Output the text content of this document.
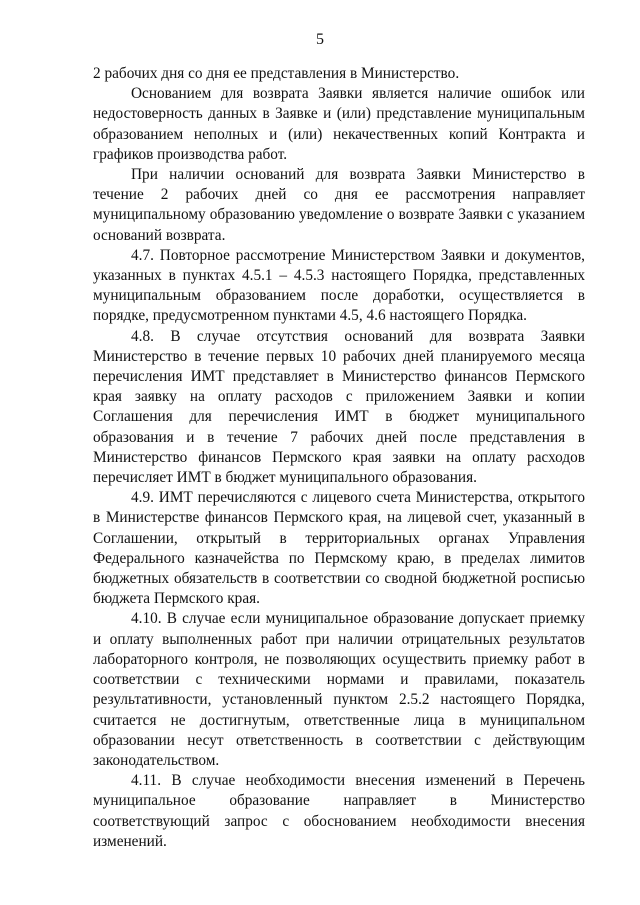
5

2 рабочих дня со дня ее представления в Министерство.

Основанием для возврата Заявки является наличие ошибок или недостоверность данных в Заявке и (или) представление муниципальным образованием неполных и (или) некачественных копий Контракта и графиков производства работ.

При наличии оснований для возврата Заявки Министерство в течение 2 рабочих дней со дня ее рассмотрения направляет муниципальному образованию уведомление о возврате Заявки с указанием оснований возврата.

4.7. Повторное рассмотрение Министерством Заявки и документов, указанных в пунктах 4.5.1 – 4.5.3 настоящего Порядка, представленных муниципальным образованием после доработки, осуществляется в порядке, предусмотренном пунктами 4.5, 4.6 настоящего Порядка.

4.8. В случае отсутствия оснований для возврата Заявки Министерство в течение первых 10 рабочих дней планируемого месяца перечисления ИМТ представляет в Министерство финансов Пермского края заявку на оплату расходов с приложением Заявки и копии Соглашения для перечисления ИМТ в бюджет муниципального образования и в течение 7 рабочих дней после представления в Министерство финансов Пермского края заявки на оплату расходов перечисляет ИМТ в бюджет муниципального образования.

4.9. ИМТ перечисляются с лицевого счета Министерства, открытого в Министерстве финансов Пермского края, на лицевой счет, указанный в Соглашении, открытый в территориальных органах Управления Федерального казначейства по Пермскому краю, в пределах лимитов бюджетных обязательств в соответствии со сводной бюджетной росписью бюджета Пермского края.

4.10. В случае если муниципальное образование допускает приемку и оплату выполненных работ при наличии отрицательных результатов лабораторного контроля, не позволяющих осуществить приемку работ в соответствии с техническими нормами и правилами, показатель результативности, установленный пунктом 2.5.2 настоящего Порядка, считается не достигнутым, ответственные лица в муниципальном образовании несут ответственность в соответствии с действующим законодательством.

4.11. В случае необходимости внесения изменений в Перечень муниципальное образование направляет в Министерство соответствующий запрос с обоснованием необходимости внесения изменений.
